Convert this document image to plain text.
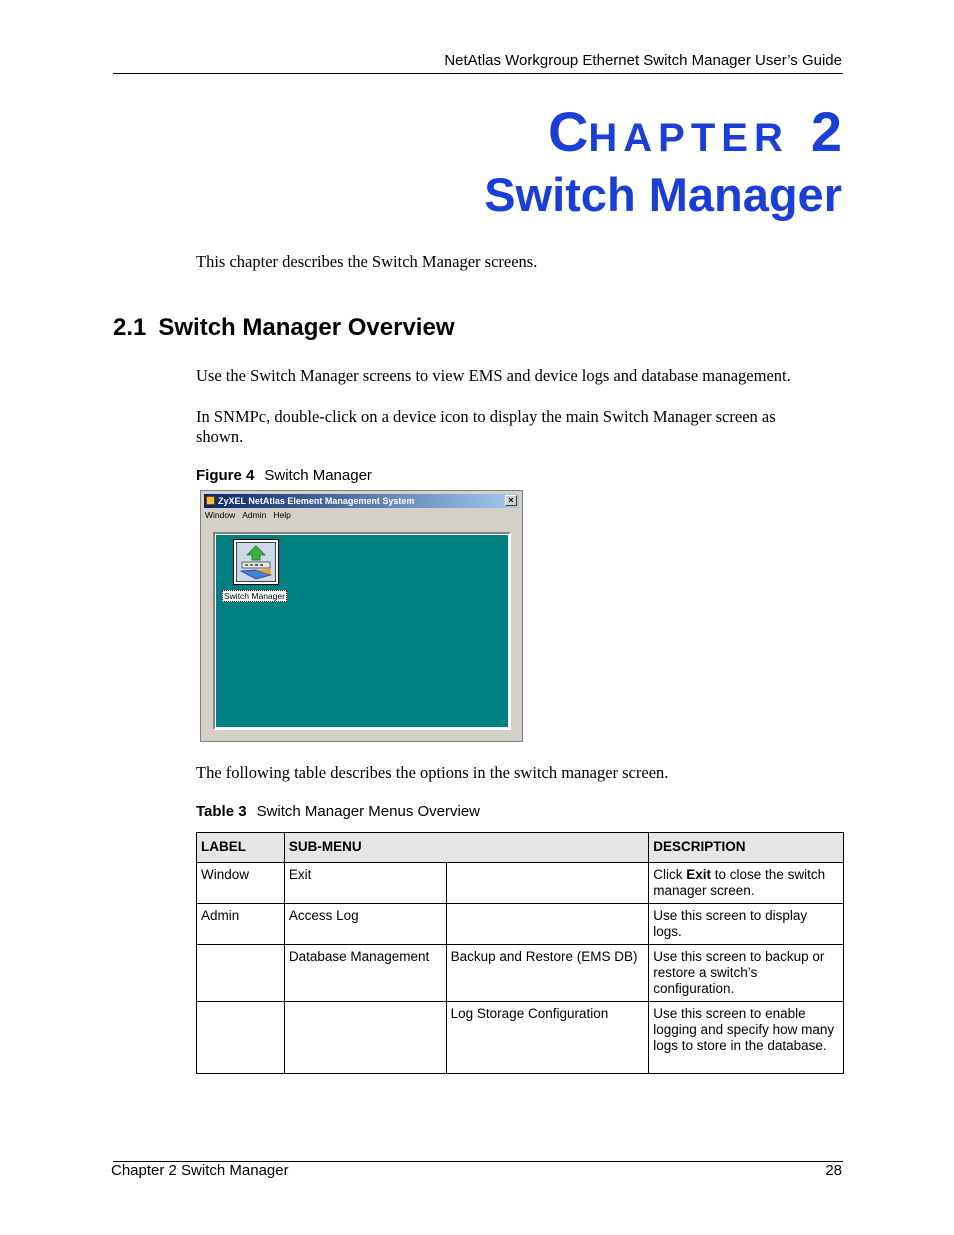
NetAtlas Workgroup Ethernet Switch Manager User’s Guide
CHAPTER 2
Switch Manager
This chapter describes the Switch Manager screens.
2.1 Switch Manager Overview
Use the Switch Manager screens to view EMS and device logs and database management.
In SNMPc, double-click on a device icon to display the main Switch Manager screen as shown.
Figure 4 Switch Manager
ZyXEL NetAtlas Element Management System	×
Window Admin Help
Switch Manager
The following table describes the options in the switch manager screen.
Table 3 Switch Manager Menus Overview
LABEL	SUB-MENU		DESCRIPTION
Window	Exit		Click Exit to close the switch manager screen.
Admin	Access Log		Use this screen to display logs.
	Database Management	Backup and Restore (EMS DB)	Use this screen to backup or restore a switch’s configuration.
		Log Storage Configuration	Use this screen to enable logging and specify how many logs to store in the database.
Chapter 2 Switch Manager	28
